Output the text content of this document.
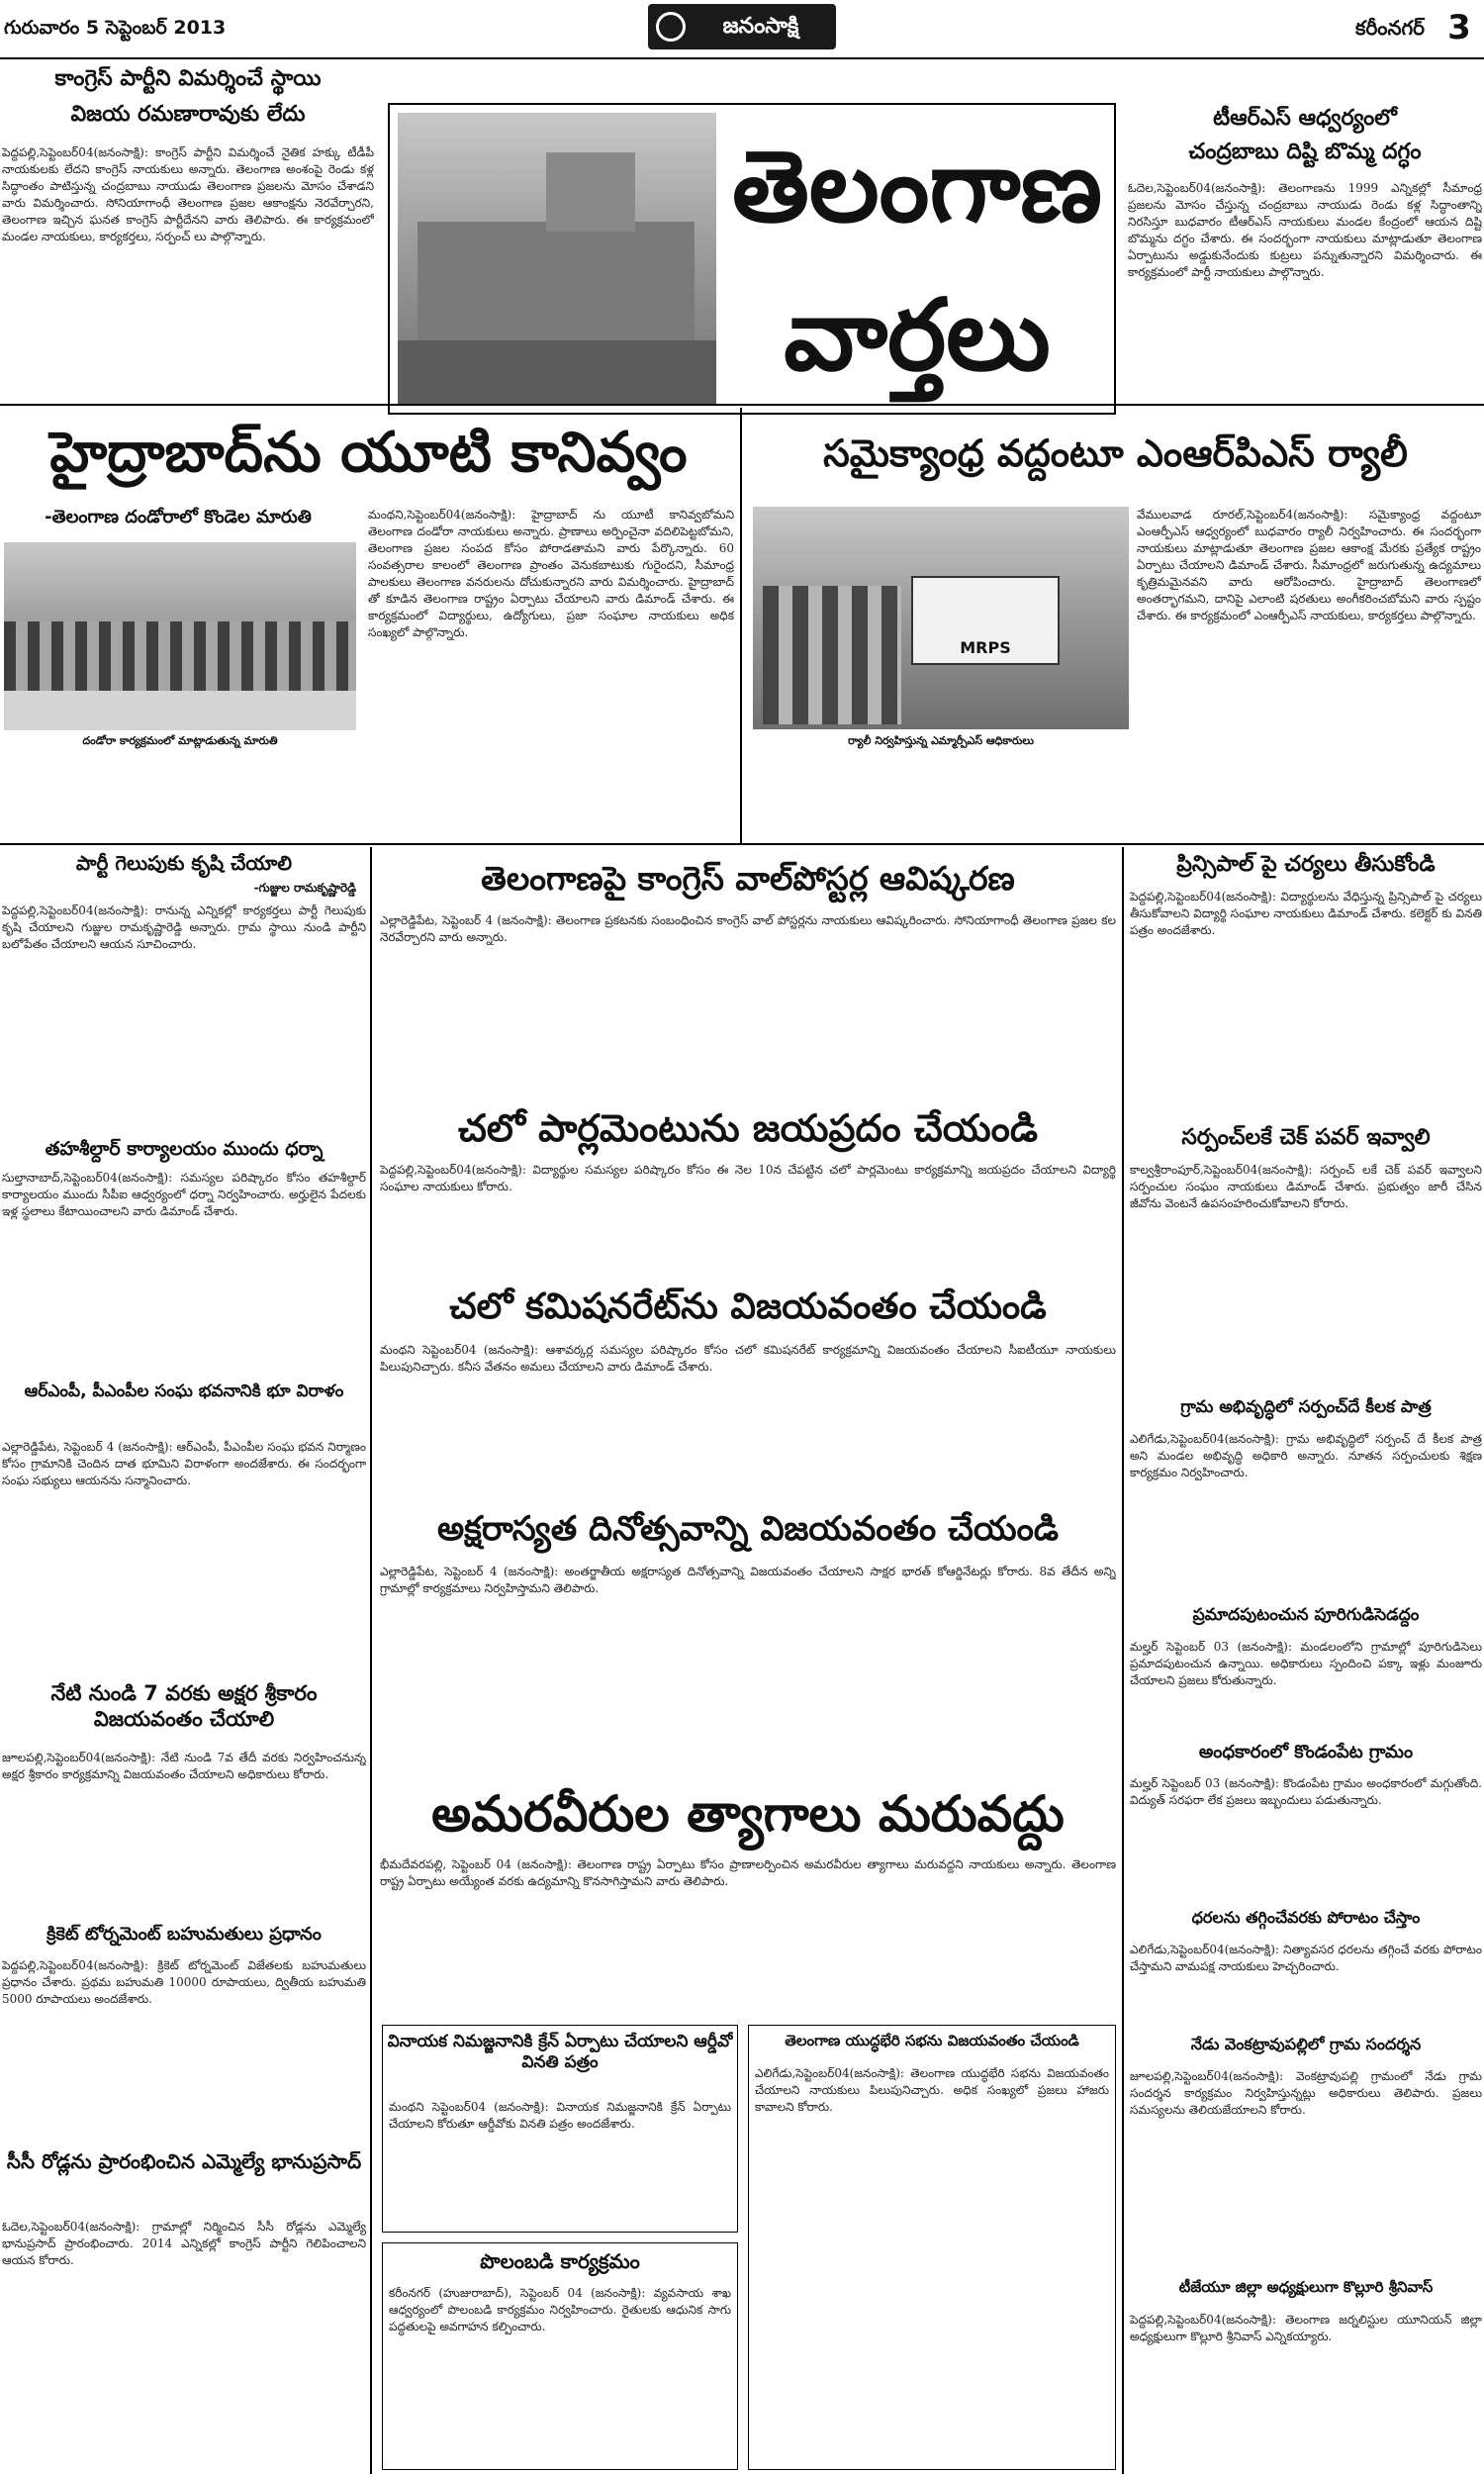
గురువారం 5 సెప్టెంబర్ 2013	జనంసాక్షి	కరీంనగర్ 3
కాంగ్రెస్ పార్టీని విమర్శించే స్థాయి
విజయ రమణారావుకు లేదు
పెద్దపల్లి,సెప్టెంబర్04(జనంసాక్షి): కాంగ్రెస్ పార్టీని విమర్శించే నైతిక హక్కు టీడీపీ నాయకులకు లేదని కాంగ్రెస్ నాయకులు అన్నారు. తెలంగాణ అంశంపై రెండు కళ్ల సిద్ధాంతం పాటిస్తున్న చంద్రబాబు నాయుడు తెలంగాణ ప్రజలను మోసం చేశాడని వారు విమర్శించారు. సోనియాగాంధీ తెలంగాణ ప్రజల ఆకాంక్షను నెరవేర్చారని, తెలంగాణ ఇచ్చిన ఘనత కాంగ్రెస్ పార్టీదేనని వారు తెలిపారు. ఈ కార్యక్రమంలో మండల నాయకులు, కార్యకర్తలు, సర్పంచ్ లు పాల్గొన్నారు.	తెలంగాణ
వార్తలు
టీఆర్ఎస్ ఆధ్వర్యంలో
చంద్రబాబు దిష్టి బొమ్మ దగ్ధం
ఓదెల,సెప్టెంబర్04(జనంసాక్షి): తెలంగాణను 1999 ఎన్నికల్లో సీమాంధ్ర ప్రజలను మోసం చేస్తున్న చంద్రబాబు నాయుడు రెండు కళ్ల సిద్ధాంతాన్ని నిరసిస్తూ బుధవారం టీఆర్ఎస్ నాయకులు మండల కేంద్రంలో ఆయన దిష్టి బొమ్మను దగ్ధం చేశారు. ఈ సందర్భంగా నాయకులు మాట్లాడుతూ తెలంగాణ ఏర్పాటును అడ్డుకునేందుకు కుట్రలు పన్నుతున్నారని విమర్శించారు. ఈ కార్యక్రమంలో పార్టీ నాయకులు పాల్గొన్నారు.
హైద్రాబాద్‌ను యూటి కానివ్వం
-తెలంగాణ దండోరాలో కొండెల మారుతి
దండోరా కార్యక్రమంలో మాట్లాడుతున్న మారుతి
మంథని,సెప్టెంబర్04(జనంసాక్షి): హైద్రాబాద్ ను యూటీ కానివ్వబోమని తెలంగాణ దండోరా నాయకులు అన్నారు. ప్రాణాలు అర్పించైనా వదిలిపెట్టబోమని, తెలంగాణ ప్రజల సంపద కోసం పోరాడతామని వారు పేర్కొన్నారు. 60 సంవత్సరాల కాలంలో తెలంగాణ ప్రాంతం వెనుకబాటుకు గురైందని, సీమాంధ్ర పాలకులు తెలంగాణ వనరులను దోచుకున్నారని వారు విమర్శించారు. హైద్రాబాద్ తో కూడిన తెలంగాణ రాష్ట్రం ఏర్పాటు చేయాలని వారు డిమాండ్ చేశారు. ఈ కార్యక్రమంలో విద్యార్థులు, ఉద్యోగులు, ప్రజా సంఘాల నాయకులు అధిక సంఖ్యలో పాల్గొన్నారు.
సమైక్యాంధ్ర వద్దంటూ ఎంఆర్‌పిఎస్ ర్యాలీ
MRPS
ర్యాలీ నిర్వహిస్తున్న ఎమ్మార్పీఎస్ ఆధికారులు
వేములవాడ రూరల్,సెప్టెంబర్4(జనంసాక్షి): సమైక్యాంధ్ర వద్దంటూ ఎంఆర్పీఎస్ ఆధ్వర్యంలో బుధవారం ర్యాలీ నిర్వహించారు. ఈ సందర్భంగా నాయకులు మాట్లాడుతూ తెలంగాణ ప్రజల ఆకాంక్ష మేరకు ప్రత్యేక రాష్ట్రం ఏర్పాటు చేయాలని డిమాండ్ చేశారు. సీమాంధ్రలో జరుగుతున్న ఉద్యమాలు కృత్రిమమైనవని వారు ఆరోపించారు. హైద్రాబాద్ తెలంగాణలో అంతర్భాగమని, దానిపై ఎలాంటి షరతులు అంగీకరించబోమని వారు స్పష్టం చేశారు. ఈ కార్యక్రమంలో ఎంఆర్పీఎస్ నాయకులు, కార్యకర్తలు పాల్గొన్నారు.
పార్టీ గెలుపుకు కృషి చేయాలి
-గుజ్జుల రామకృష్ణారెడ్డి
పెద్దపల్లి,సెప్టెంబర్04(జనంసాక్షి): రానున్న ఎన్నికల్లో కార్యకర్తలు పార్టీ గెలుపుకు కృషి చేయాలని గుజ్జుల రామకృష్ణారెడ్డి అన్నారు. గ్రామ స్థాయి నుండి పార్టీని బలోపేతం చేయాలని ఆయన సూచించారు.
తహశీల్దార్ కార్యాలయం ముందు ధర్నా
సుల్తానాబాద్,సెప్టెంబర్04(జనంసాక్షి): సమస్యల పరిష్కారం కోసం తహశీల్దార్ కార్యాలయం ముందు సీపీఐ ఆధ్వర్యంలో ధర్నా నిర్వహించారు. అర్హులైన పేదలకు ఇళ్ల స్థలాలు కేటాయించాలని వారు డిమాండ్ చేశారు.
ఆర్ఎంపీ, పీఎంపీల సంఘ భవనానికి భూ విరాళం
ఎల్లారెడ్డిపేట, సెప్టెంబర్ 4 (జనంసాక్షి): ఆర్ఎంపీ, పీఎంపీల సంఘ భవన నిర్మాణం కోసం గ్రామానికి చెందిన దాత భూమిని విరాళంగా అందజేశారు. ఈ సందర్భంగా సంఘ సభ్యులు ఆయనను సన్మానించారు.
నేటి నుండి 7 వరకు అక్షర శ్రీకారం విజయవంతం చేయాలి
జూలపల్లి,సెప్టెంబర్04(జనంసాక్షి): నేటి నుండి 7వ తేదీ వరకు నిర్వహించనున్న అక్షర శ్రీకారం కార్యక్రమాన్ని విజయవంతం చేయాలని అధికారులు కోరారు.
క్రికెట్ టోర్నమెంట్ బహుమతులు ప్రధానం
పెద్దపల్లి,సెప్టెంబర్04(జనంసాక్షి): క్రికెట్ టోర్నమెంట్ విజేతలకు బహుమతులు ప్రధానం చేశారు. ప్రథమ బహుమతి 10000 రూపాయలు, ద్వితీయ బహుమతి 5000 రూపాయలు అందజేశారు.
సీసీ రోడ్లను ప్రారంభించిన ఎమ్మెల్యే భానుప్రసాద్
ఓదెల,సెప్టెంబర్04(జనంసాక్షి): గ్రామాల్లో నిర్మించిన సీసీ రోడ్లను ఎమ్మెల్యే భానుప్రసాద్ ప్రారంభించారు. 2014 ఎన్నికల్లో కాంగ్రెస్ పార్టీని గెలిపించాలని ఆయన కోరారు.
తెలంగాణపై కాంగ్రెస్ వాల్‌పోస్టర్ల ఆవిష్కరణ
ఎల్లారెడ్డిపేట, సెప్టెంబర్ 4 (జనంసాక్షి): తెలంగాణ ప్రకటనకు సంబంధించిన కాంగ్రెస్ వాల్ పోస్టర్లను నాయకులు ఆవిష్కరించారు. సోనియాగాంధీ తెలంగాణ ప్రజల కల నెరవేర్చారని వారు అన్నారు.
చలో పార్లమెంటును జయప్రదం చేయండి
పెద్దపల్లి,సెప్టెంబర్04(జనంసాక్షి): విద్యార్థుల సమస్యల పరిష్కారం కోసం ఈ నెల 10న చేపట్టిన చలో పార్లమెంటు కార్యక్రమాన్ని జయప్రదం చేయాలని విద్యార్థి సంఘాల నాయకులు కోరారు.
చలో కమిషనరేట్‌ను విజయవంతం చేయండి
మంథని సెప్టెంబర్04 (జనంసాక్షి): ఆశావర్కర్ల సమస్యల పరిష్కారం కోసం చలో కమిషనరేట్ కార్యక్రమాన్ని విజయవంతం చేయాలని సీఐటీయూ నాయకులు పిలుపునిచ్చారు. కనీస వేతనం అమలు చేయాలని వారు డిమాండ్ చేశారు.
అక్షరాస్యత దినోత్సవాన్ని విజయవంతం చేయండి
ఎల్లారెడ్డిపేట, సెప్టెంబర్ 4 (జనంసాక్షి): అంతర్జాతీయ అక్షరాస్యత దినోత్సవాన్ని విజయవంతం చేయాలని సాక్షర భారత్ కోఆర్డినేటర్లు కోరారు. 8వ తేదీన అన్ని గ్రామాల్లో కార్యక్రమాలు నిర్వహిస్తామని తెలిపారు.
అమరవీరుల త్యాగాలు మరువద్దు
భీమదేవరపల్లి, సెప్టెంబర్ 04 (జనంసాక్షి): తెలంగాణ రాష్ట్ర ఏర్పాటు కోసం ప్రాణాలర్పించిన అమరవీరుల త్యాగాలు మరువద్దని నాయకులు అన్నారు. తెలంగాణ రాష్ట్ర ఏర్పాటు అయ్యేంత వరకు ఉద్యమాన్ని కొనసాగిస్తామని వారు తెలిపారు.
వినాయక నిమజ్జనానికి క్రేన్ ఏర్పాటు చేయాలని ఆర్డీవో వినతి పత్రం
మంథని సెప్టెంబర్04 (జనంసాక్షి): వినాయక నిమజ్జనానికి క్రేన్ ఏర్పాటు చేయాలని కోరుతూ ఆర్డీవోకు వినతి పత్రం అందజేశారు.
తెలంగాణ యుద్ధభేరి సభను విజయవంతం చేయండి
ఎలిగేడు,సెప్టెంబర్04(జనంసాక్షి): తెలంగాణ యుద్ధభేరి సభను విజయవంతం చేయాలని నాయకులు పిలుపునిచ్చారు. అధిక సంఖ్యలో ప్రజలు హాజరు కావాలని కోరారు.
పొలంబడి కార్యక్రమం
కరీంనగర్ (హుజురాబాద్), సెప్టెంబర్ 04 (జనంసాక్షి): వ్యవసాయ శాఖ ఆధ్వర్యంలో పొలంబడి కార్యక్రమం నిర్వహించారు. రైతులకు ఆధునిక సాగు పద్ధతులపై అవగాహన కల్పించారు.
ప్రిన్సిపాల్ పై చర్యలు తీసుకోండి
పెద్దపల్లి,సెప్టెంబర్04(జనంసాక్షి): విద్యార్థులను వేధిస్తున్న ప్రిన్సిపాల్ పై చర్యలు తీసుకోవాలని విద్యార్థి సంఘాల నాయకులు డిమాండ్ చేశారు. కలెక్టర్ కు వినతి పత్రం అందజేశారు.
సర్పంచ్‌లకే చెక్ పవర్ ఇవ్వాలి
కాల్వశ్రీరాంపూర్,సెప్టెంబర్04(జనంసాక్షి): సర్పంచ్ లకే చెక్ పవర్ ఇవ్వాలని సర్పంచుల సంఘం నాయకులు డిమాండ్ చేశారు. ప్రభుత్వం జారీ చేసిన జీవోను వెంటనే ఉపసంహరించుకోవాలని కోరారు.
గ్రామ అభివృద్ధిలో సర్పంచ్‌దే కీలక పాత్ర
ఎలిగేడు,సెప్టెంబర్04(జనంసాక్షి): గ్రామ అభివృద్ధిలో సర్పంచ్ దే కీలక పాత్ర అని మండల అభివృద్ధి అధికారి అన్నారు. నూతన సర్పంచులకు శిక్షణ కార్యక్రమం నిర్వహించారు.
ప్రమాదపుటంచున పూరిగుడిసెడద్దం
మల్హర్ సెప్టెంబర్ 03 (జనంసాక్షి): మండలంలోని గ్రామాల్లో పూరిగుడిసెలు ప్రమాదపుటంచున ఉన్నాయి. అధికారులు స్పందించి పక్కా ఇళ్లు మంజూరు చేయాలని ప్రజలు కోరుతున్నారు.
అంధకారంలో కొండంపేట గ్రామం
మల్హర్ సెప్టెంబర్ 03 (జనంసాక్షి): కొండంపేట గ్రామం అంధకారంలో మగ్గుతోంది. విద్యుత్ సరఫరా లేక ప్రజలు ఇబ్బందులు పడుతున్నారు.
ధరలను తగ్గించేవరకు పోరాటం చేస్తాం
ఎలిగేడు,సెప్టెంబర్04(జనంసాక్షి): నిత్యావసర ధరలను తగ్గించే వరకు పోరాటం చేస్తామని వామపక్ష నాయకులు హెచ్చరించారు.
నేడు వెంకట్రావుపల్లిలో గ్రామ సందర్శన
జూలపల్లి,సెప్టెంబర్04(జనంసాక్షి): వెంకట్రావుపల్లి గ్రామంలో నేడు గ్రామ సందర్శన కార్యక్రమం నిర్వహిస్తున్నట్లు అధికారులు తెలిపారు. ప్రజలు సమస్యలను తెలియజేయాలని కోరారు.
టీజేయూ జిల్లా అధ్యక్షులుగా కొల్లూరి శ్రీనివాస్
పెద్దపల్లి,సెప్టెంబర్04(జనంసాక్షి): తెలంగాణ జర్నలిస్టుల యూనియన్ జిల్లా అధ్యక్షులుగా కొల్లూరి శ్రీనివాస్ ఎన్నికయ్యారు.
